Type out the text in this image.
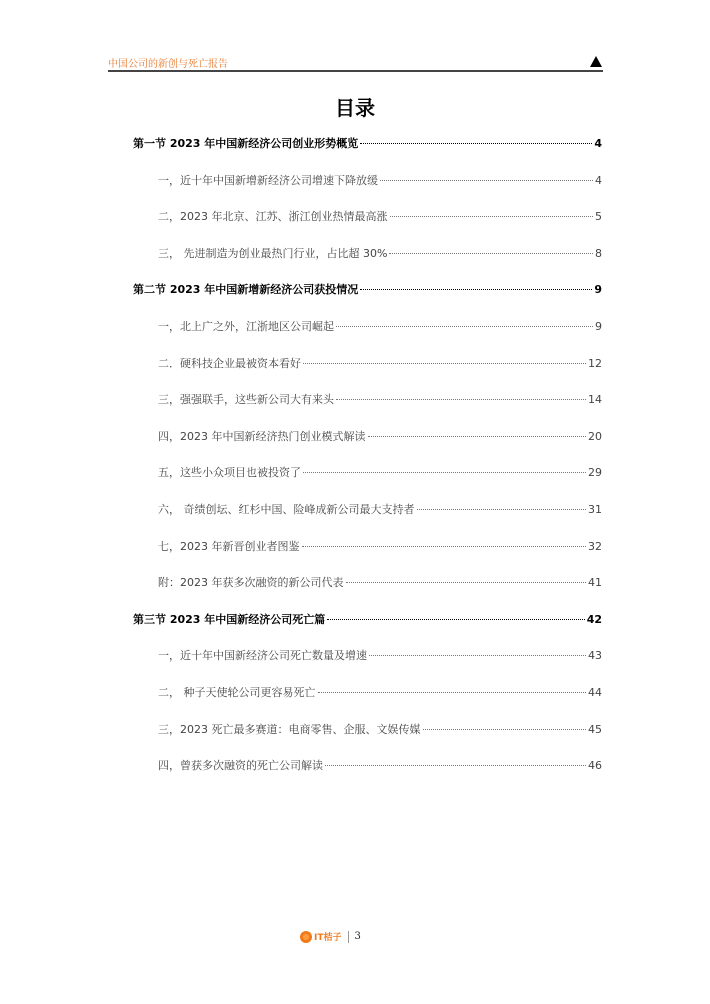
中国公司的新创与死亡报告
目录
第一节 2023 年中国新经济公司创业形势概览	4
一，近十年中国新增新经济公司增速下降放缓	4
二，2023 年北京、江苏、浙江创业热情最高涨	5
三， 先进制造为创业最热门行业，占比超 30%	8
第二节 2023 年中国新增新经济公司获投情况	9
一，北上广之外，江浙地区公司崛起	9
二．硬科技企业最被资本看好	12
三，强强联手，这些新公司大有来头	14
四，2023 年中国新经济热门创业模式解读	20
五，这些小众项目也被投资了	29
六， 奇绩创坛、红杉中国、险峰成新公司最大支持者	31
七，2023 年新晋创业者图鉴	32
附：2023 年获多次融资的新公司代表	41
第三节 2023 年中国新经济公司死亡篇	42
一，近十年中国新经济公司死亡数量及增速	43
二， 种子天使轮公司更容易死亡	44
三，2023 死亡最多赛道：电商零售、企服、文娱传媒	45
四，曾获多次融资的死亡公司解读	46
IT桔子 3
